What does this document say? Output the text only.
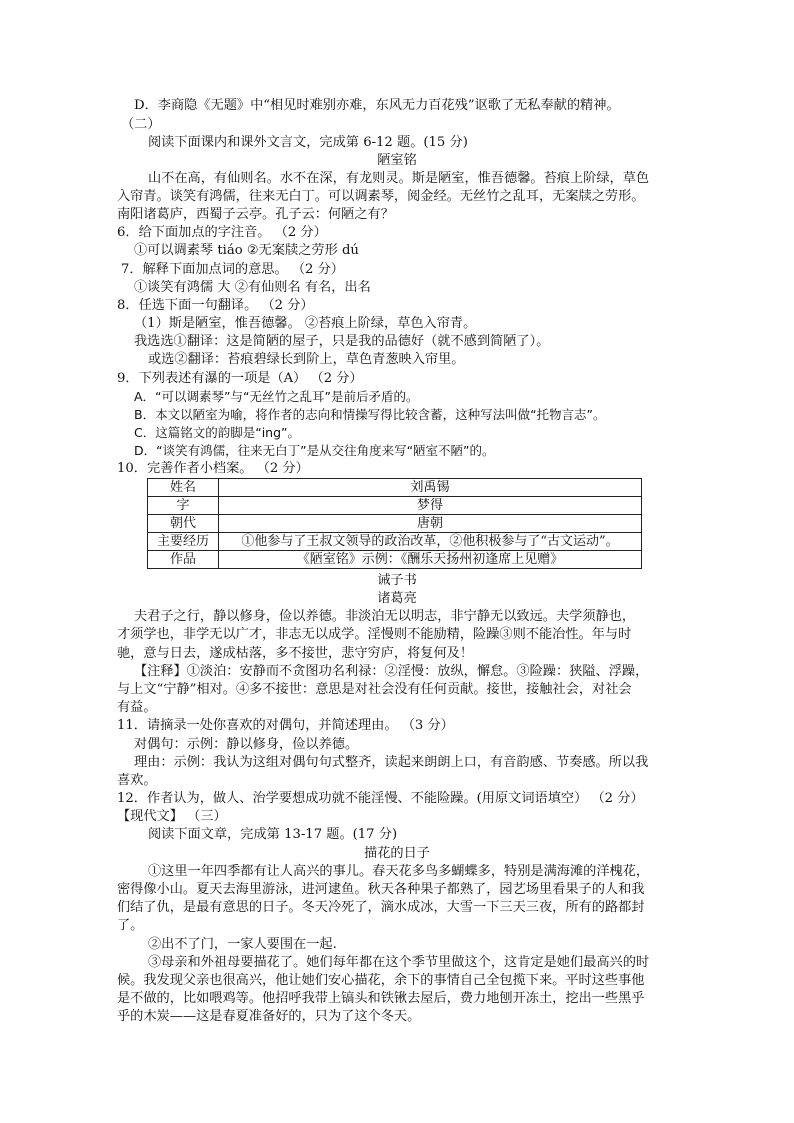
D．李商隐《无题》中“相见时难别亦难，东风无力百花残”讴歌了无私奉献的精神。
（二）
阅读下面课内和课外文言文，完成第 6-12 题。(15 分)
陋室铭
山不在高，有仙则名。水不在深，有龙则灵。斯是陋室，惟吾德馨。苔痕上阶绿，草色
入帘青。谈笑有鸿儒，往来无白丁。可以调素琴，阅金经。无丝竹之乱耳，无案牍之劳形。
南阳诸葛庐，西蜀子云亭。孔子云：何陋之有？
6．给下面加点的字注音。 （2 分）
①可以调素琴 tiáo ②无案牍之劳形 dú
7．解释下面加点词的意思。 （2 分）
①谈笑有鸿儒 大 ②有仙则名 有名，出名
8．任选下面一句翻译。 （2 分）
（1）斯是陋室，惟吾德馨。 ②苔痕上阶绿，草色入帘青。
我选选①翻译：这是简陋的屋子，只是我的品德好（就不感到简陋了）。
或选②翻译：苔痕碧绿长到阶上，草色青葱映入帘里。
9．下列表述有瀑的一项是（A） （2 分）
A．“可以调素琴”与“无丝竹之乱耳”是前后矛盾的。
B．本文以陋室为喻，将作者的志向和情操写得比较含蓄，这种写法叫做“托物言志”。
C．这篇铭文的韵脚是“ing”。
D．“谈笑有鸿儒，往来无白丁”是从交往角度来写“陋室不陋”的。
10．完善作者小档案。 （2 分）
姓名	刘禹锡
字	梦得
朝代	唐朝
主要经历	①他参与了王叔文领导的政治改革，②他积极参与了“古文运动”。
作品	《陋室铭》示例：《酬乐天扬州初逢席上见赠》
诫子书
诸葛亮
夫君子之行，静以修身，俭以养德。非淡泊无以明志，非宁静无以致远。夫学须静也，
才须学也，非学无以广才，非志无以成学。淫慢则不能励精，险躁③则不能冶性。年与时
驰，意与日去，遂成枯落，多不接世，悲守穷庐，将复何及！
【注释】①淡泊：安静而不贪图功名利禄：②淫慢：放纵，懈怠。③险躁：狭隘、浮躁，
与上文“宁静”相对。④多不接世：意思是对社会没有任何贡献。接世，接触社会，对社会
有益。
11．请摘录一处你喜欢的对偶句，并简述理由。 （3 分）
对偶句：示例：静以修身，俭以养德。
理由：示例：我认为这组对偶句句式整齐，读起来朗朗上口，有音韵感、节奏感。所以我
喜欢。
12．作者认为，做人、治学要想成功就不能淫慢、不能险躁。(用原文词语填空） （2 分）
【现代文】 （三）
阅读下面文章，完成第 13-17 题。(17 分)
描花的日子
①这里一年四季都有让人高兴的事儿。春天花多鸟多蝴蝶多，特别是满海滩的洋槐花，
密得像小山。夏天去海里游泳，进河逮鱼。秋天各种果子都熟了，园艺场里看果子的人和我
们结了仇，是最有意思的日子。冬天冷死了，滴水成冰，大雪一下三天三夜，所有的路都封
了。
②出不了门，一家人要围在一起.
③母亲和外祖母要描花了。她们每年都在这个季节里做这个，这肯定是她们最高兴的时
候。我发现父亲也很高兴，他让她们安心描花，余下的事情自己全包揽下来。平时这些事他
是不做的，比如喂鸡等。他招呼我带上镐头和铁锹去屋后，费力地刨开冻土，挖出一些黑乎
乎的木炭——这是春夏准备好的，只为了这个冬天。
